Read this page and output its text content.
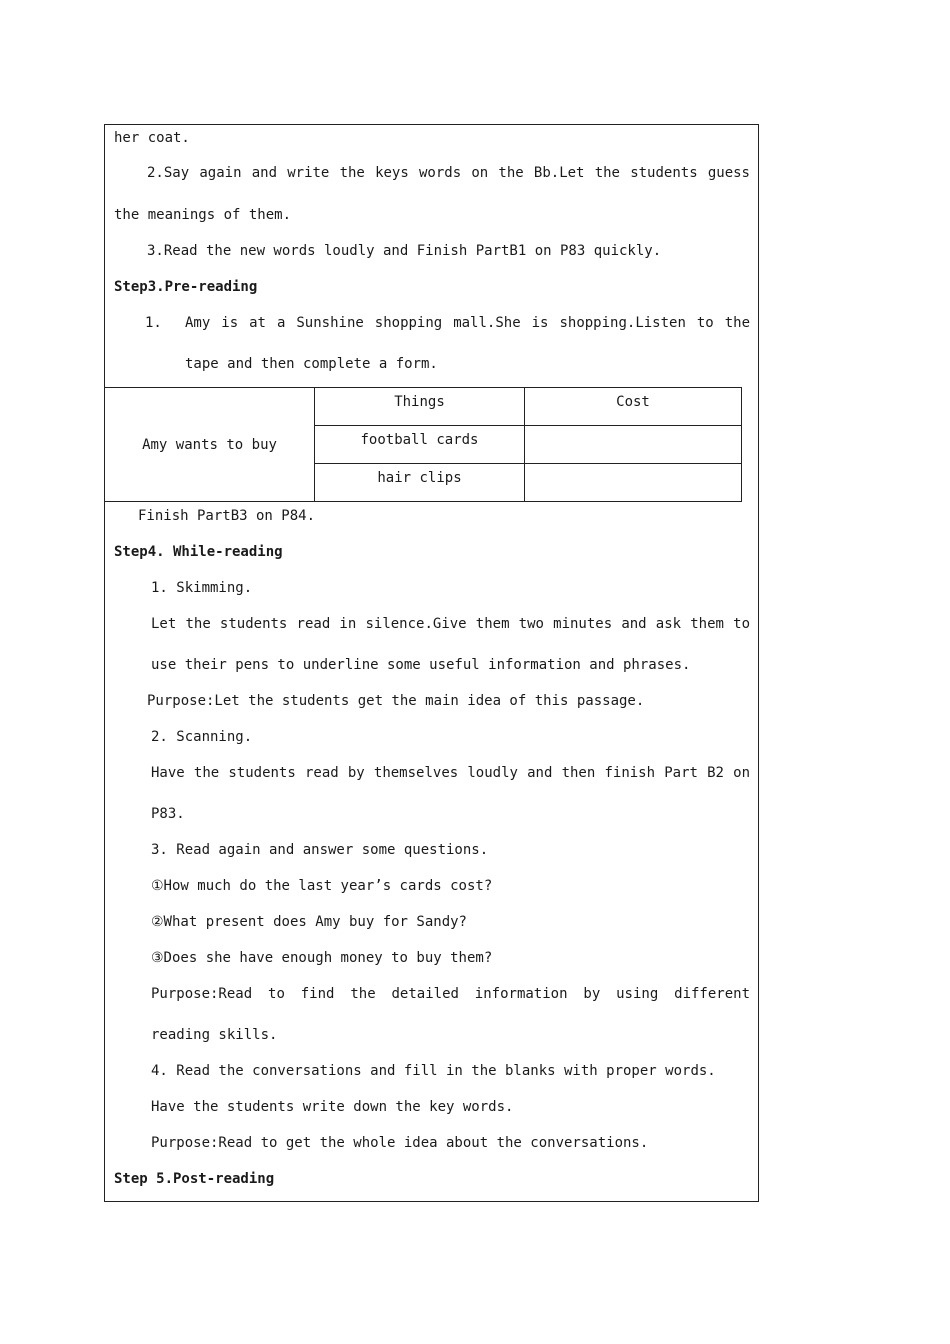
her coat.
2.Say again and write the keys words on the Bb.Let the students guess
the meanings of them.
3.Read the new words loudly and Finish PartB1 on P83 quickly.
Step3.Pre-reading
1. Amy is at a Sunshine shopping mall.She is shopping.Listen to the
tape and then complete a form.
Amy wants to buy	Things	Cost
	football cards	
	hair clips	
Finish PartB3 on P84.
Step4. While-reading
1. Skimming.
Let the students read in silence.Give them two minutes and ask them to
use their pens to underline some useful information and phrases.
Purpose:Let the students get the main idea of this passage.
2. Scanning.
Have the students read by themselves loudly and then finish Part B2 on
P83.
3. Read again and answer some questions.
①How much do the last year’s cards cost?
②What present does Amy buy for Sandy?
③Does she have enough money to buy them?
Purpose:Read to find the detailed information by using different
reading skills.
4. Read the conversations and fill in the blanks with proper words.
Have the students write down the key words.
Purpose:Read to get the whole idea about the conversations.
Step 5.Post-reading
